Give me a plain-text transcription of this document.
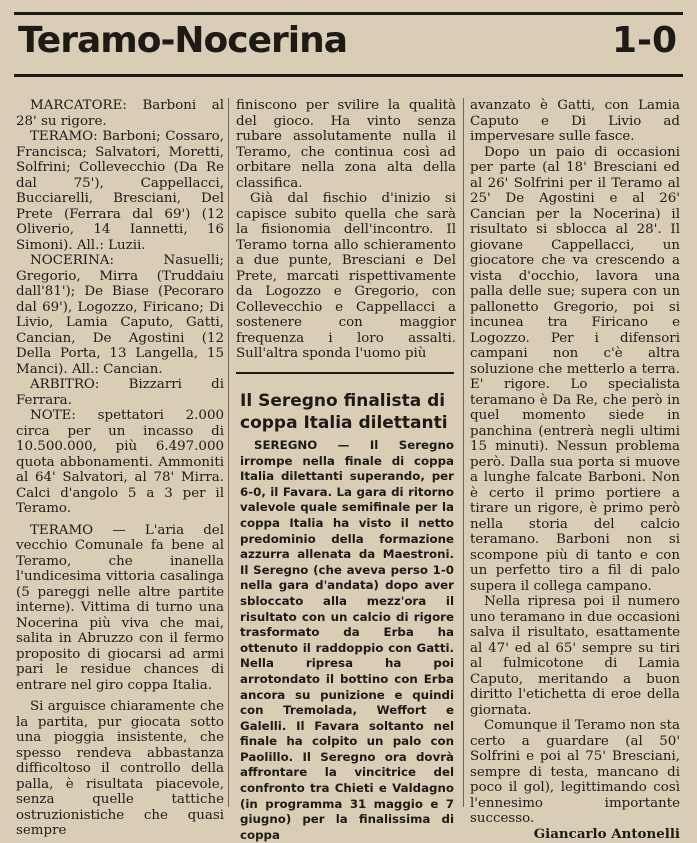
Teramo-Nocerina	1-0

MARCATORE: Barboni al 28' su rigore.

TERAMO: Barboni; Cossaro, Francisca; Salvatori, Moretti, Solfrini; Collevecchio (Da Re dal 75'), Cappellacci, Bucciarelli, Bresciani, Del Prete (Ferrara dal 69') (12 Oliverio, 14 Iannetti, 16 Simoni). All.: Luzii.

NOCERINA: Nasuelli; Gregorio, Mirra (Truddaiu dall'81'); De Biase (Pecoraro dal 69'), Logozzo, Firicano; Di Livio, Lamia Caputo, Gatti, Cancian, De Agostini (12 Della Porta, 13 Langella, 15 Manci). All.: Cancian.

ARBITRO: Bizzarri di Ferrara.

NOTE: spettatori 2.000 circa per un incasso di 10.500.000, più 6.497.000 quota abbonamenti. Ammoniti al 64' Salvatori, al 78' Mirra. Calci d'angolo 5 a 3 per il Teramo.

TERAMO — L'aria del vecchio Comunale fa bene al Teramo, che inanella l'undicesima vittoria casalinga (5 pareggi nelle altre partite interne). Vittima di turno una Nocerina più viva che mai, salita in Abruzzo con il fermo proposito di giocarsi ad armi pari le residue chances di entrare nel giro coppa Italia.

Si arguisce chiaramente che la partita, pur giocata sotto una pioggia insistente, che spesso rendeva abbastanza difficoltoso il controllo della palla, è risultata piacevole, senza quelle tattiche ostruzionistiche che quasi sempre

finiscono per svilire la qualità del gioco. Ha vinto senza rubare assolutamente nulla il Teramo, che continua così ad orbitare nella zona alta della classifica.

Già dal fischio d'inizio si capisce subito quella che sarà la fisionomia dell'incontro. Il Teramo torna allo schieramento a due punte, Bresciani e Del Prete, marcati rispettivamente da Logozzo e Gregorio, con Collevecchio e Cappellacci a sostenere con maggior frequenza i loro assalti. Sull'altra sponda l'uomo più

Il Seregno finalista di coppa Italia dilettanti

SEREGNO — Il Seregno irrompe nella finale di coppa Italia dilettanti superando, per 6-0, il Favara. La gara di ritorno valevole quale semifinale per la coppa Italia ha visto il netto predominio della formazione azzurra allenata da Maestroni. Il Seregno (che aveva perso 1-0 nella gara d'andata) dopo aver sbloccato alla mezz'ora il risultato con un calcio di rigore trasformato da Erba ha ottenuto il raddoppio con Gatti. Nella ripresa ha poi arrotondato il bottino con Erba ancora su punizione e quindi con Tremolada, Weffort e Galelli. Il Favara soltanto nel finale ha colpito un palo con Paolillo. Il Seregno ora dovrà affrontare la vincitrice del confronto tra Chieti e Valdagno (in programma 31 maggio e 7 giugno) per la finalissima di coppa

avanzato è Gatti, con Lamia Caputo e Di Livio ad impervesare sulle fasce.

Dopo un paio di occasioni per parte (al 18' Bresciani ed al 26' Solfrini per il Teramo al 25' De Agostini e al 26' Cancian per la Nocerina) il risultato si sblocca al 28'. Il giovane Cappellacci, un giocatore che va crescendo a vista d'occhio, lavora una palla delle sue; supera con un pallonetto Gregorio, poi si incunea tra Firicano e Logozzo. Per i difensori campani non c'è altra soluzione che metterlo a terra. E' rigore. Lo specialista teramano è Da Re, che però in quel momento siede in panchina (entrerà negli ultimi 15 minuti). Nessun problema però. Dalla sua porta si muove a lunghe falcate Barboni. Non è certo il primo portiere a tirare un rigore, è primo però nella storia del calcio teramano. Barboni non si scompone più di tanto e con un perfetto tiro a fil di palo supera il collega campano.

Nella ripresa poi il numero uno teramano in due occasioni salva il risultato, esattamente al 47' ed al 65' sempre su tiri al fulmicotone di Lamia Caputo, meritando a buon diritto l'etichetta di eroe della giornata.

Comunque il Teramo non sta certo a guardare (al 50' Solfrini e poi al 75' Bresciani, sempre di testa, mancano di poco il gol), legittimando così l'ennesimo importante successo.

Giancarlo Antonelli
